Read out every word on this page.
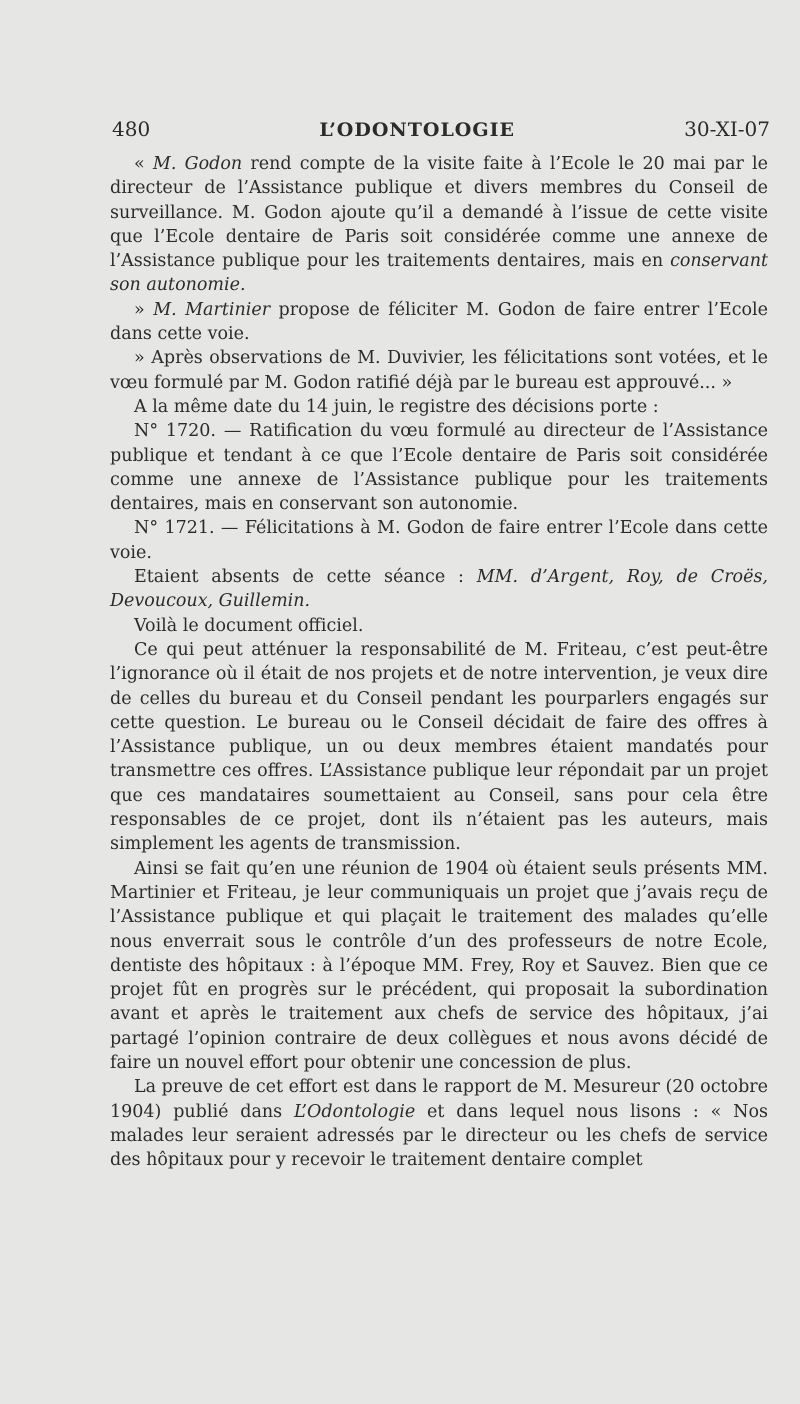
480	L’ODONTOLOGIE	30-XI-07

« M. Godon rend compte de la visite faite à l’Ecole le 20 mai par le directeur de l’Assistance publique et divers membres du Conseil de surveillance. M. Godon ajoute qu’il a demandé à l’issue de cette visite que l’Ecole dentaire de Paris soit considérée comme une annexe de l’Assistance publique pour les traitements dentaires, mais en conservant son autonomie.

» M. Martinier propose de féliciter M. Godon de faire entrer l’Ecole dans cette voie.

» Après observations de M. Duvivier, les félicitations sont votées, et le vœu formulé par M. Godon ratifié déjà par le bureau est approuvé... »

A la même date du 14 juin, le registre des décisions porte :

N° 1720. — Ratification du vœu formulé au directeur de l’Assistance publique et tendant à ce que l’Ecole dentaire de Paris soit considérée comme une annexe de l’Assistance publique pour les traitements dentaires, mais en conservant son autonomie.

N° 1721. — Félicitations à M. Godon de faire entrer l’Ecole dans cette voie.

Etaient absents de cette séance : MM. d’Argent, Roy, de Croës, Devoucoux, Guillemin.

Voilà le document officiel.

Ce qui peut atténuer la responsabilité de M. Friteau, c’est peut-être l’ignorance où il était de nos projets et de notre intervention, je veux dire de celles du bureau et du Conseil pendant les pourparlers engagés sur cette question. Le bureau ou le Conseil décidait de faire des offres à l’Assistance publique, un ou deux membres étaient mandatés pour transmettre ces offres. L’Assistance publique leur répondait par un projet que ces mandataires soumettaient au Conseil, sans pour cela être responsables de ce projet, dont ils n’étaient pas les auteurs, mais simplement les agents de transmission.

Ainsi se fait qu’en une réunion de 1904 où étaient seuls présents MM. Martinier et Friteau, je leur communiquais un projet que j’avais reçu de l’Assistance publique et qui plaçait le traitement des malades qu’elle nous enverrait sous le contrôle d’un des professeurs de notre Ecole, dentiste des hôpitaux : à l’époque MM. Frey, Roy et Sauvez. Bien que ce projet fût en progrès sur le précédent, qui proposait la subordination avant et après le traitement aux chefs de service des hôpitaux, j’ai partagé l’opinion contraire de deux collègues et nous avons décidé de faire un nouvel effort pour obtenir une concession de plus.

La preuve de cet effort est dans le rapport de M. Mesureur (20 octobre 1904) publié dans L’Odontologie et dans lequel nous lisons : « Nos malades leur seraient adressés par le directeur ou les chefs de service des hôpitaux pour y recevoir le traitement dentaire complet
